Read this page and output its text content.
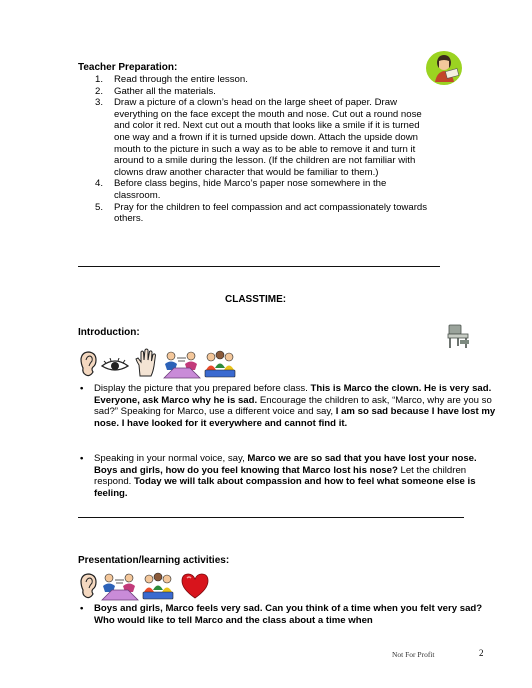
Teacher Preparation:
1. Read through the entire lesson.
2. Gather all the materials.
3. Draw a picture of a clown’s head on the large sheet of paper. Draw everything on the face except the mouth and nose. Cut out a round nose and color it red. Next cut out a mouth that looks like a smile if it is turned one way and a frown if it is turned upside down. Attach the upside down mouth to the picture in such a way as to be able to remove it and turn it around to a smile during the lesson. (If the children are not familiar with clowns draw another character that would be familiar to them.)
4. Before class begins, hide Marco’s paper nose somewhere in the classroom.
5. Pray for the children to feel compassion and act compassionately towards others.
CLASSTIME:
Introduction:
• Display the picture that you prepared before class. This is Marco the clown. He is very sad. Everyone, ask Marco why he is sad. Encourage the children to ask, “Marco, why are you so sad?” Speaking for Marco, use a different voice and say, I am so sad because I have lost my nose. I have looked for it everywhere and cannot find it.
• Speaking in your normal voice, say, Marco we are so sad that you have lost your nose. Boys and girls, how do you feel knowing that Marco lost his nose? Let the children respond. Today we will talk about compassion and how to feel what someone else is feeling.
Presentation/learning activities:
• Boys and girls, Marco feels very sad. Can you think of a time when you felt very sad? Who would like to tell Marco and the class about a time when
Not For Profit	2
